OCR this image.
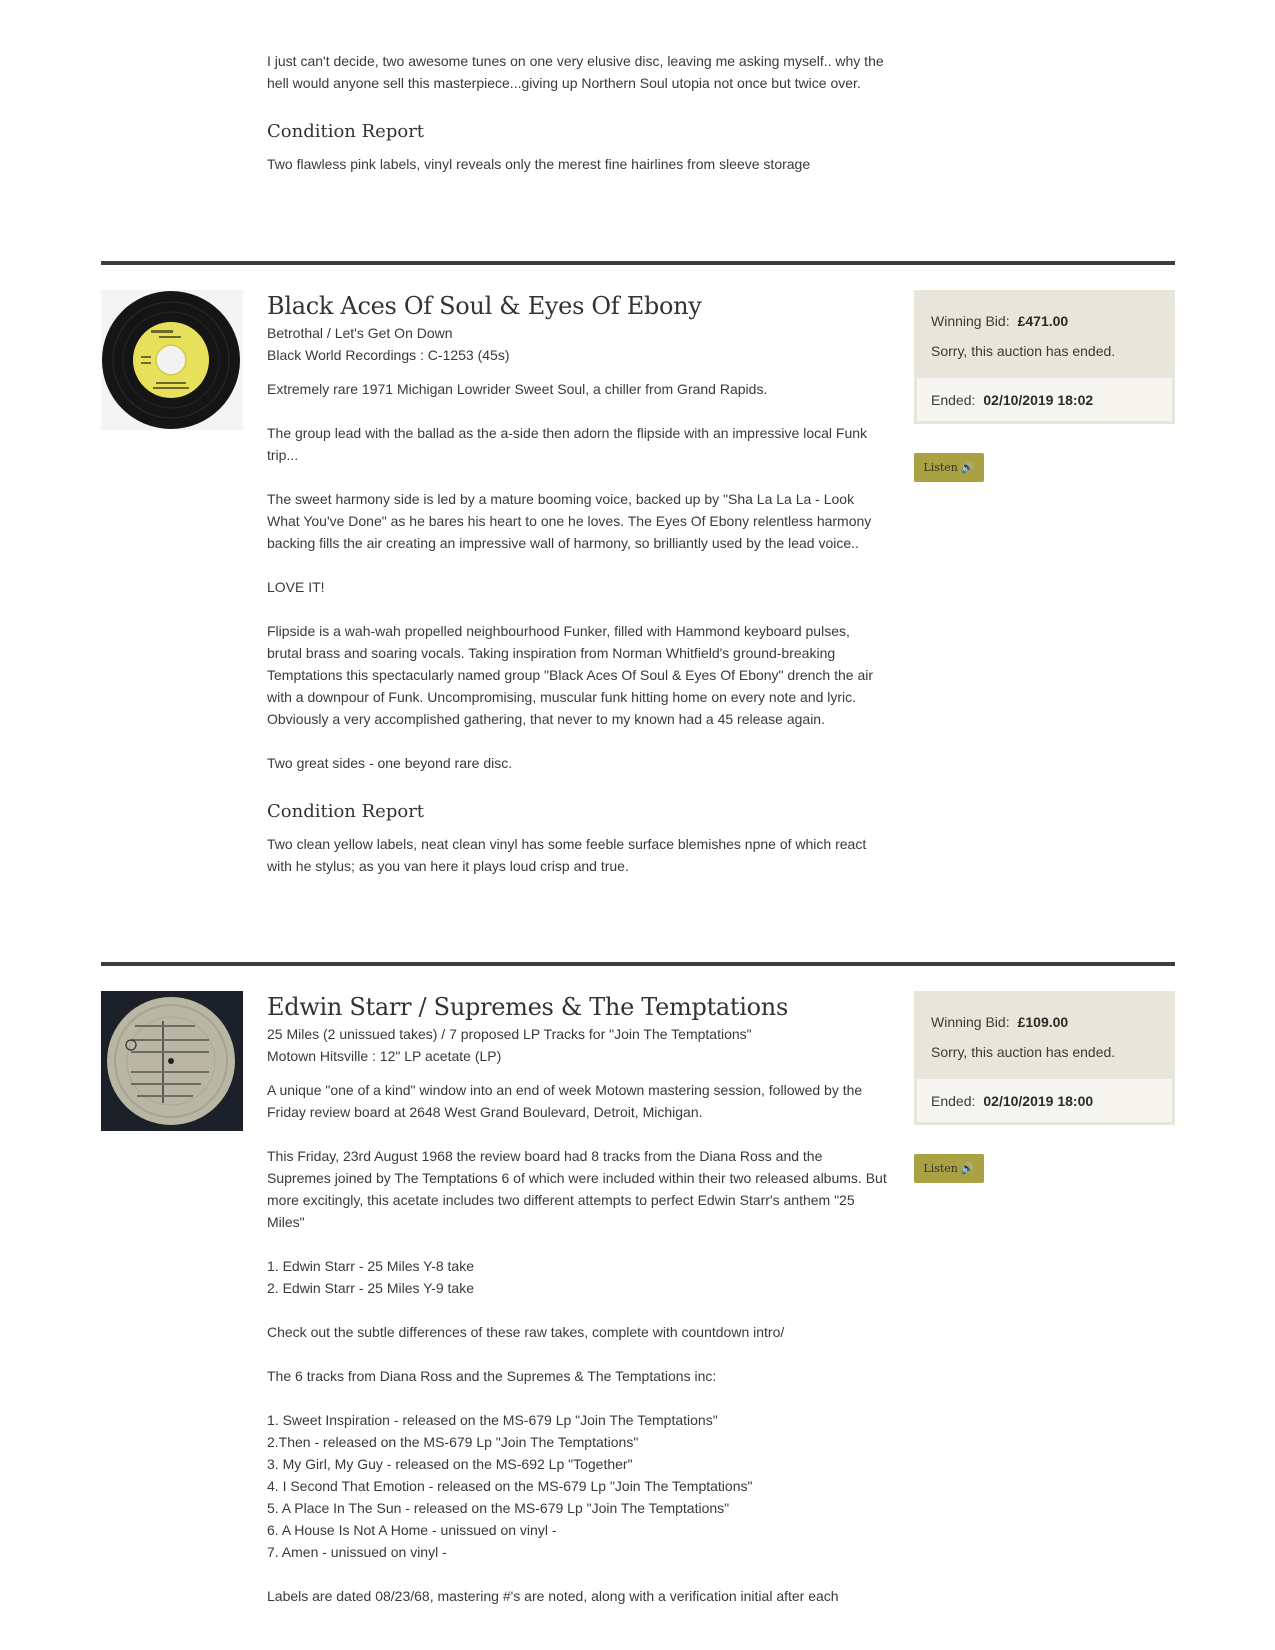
I just can't decide, two awesome tunes on one very elusive disc, leaving me asking myself.. why the hell would anyone sell this masterpiece...giving up Northern Soul utopia not once but twice over.

Condition Report

Two flawless pink labels, vinyl reveals only the merest fine hairlines from sleeve storage

Black Aces Of Soul & Eyes Of Ebony
Betrothal / Let's Get On Down
Black World Recordings : C-1253 (45s)

Extremely rare 1971 Michigan Lowrider Sweet Soul, a chiller from Grand Rapids.

The group lead with the ballad as the a-side then adorn the flipside with an impressive local Funk trip...

The sweet harmony side is led by a mature booming voice, backed up by "Sha La La La - Look What You've Done" as he bares his heart to one he loves. The Eyes Of Ebony relentless harmony backing fills the air creating an impressive wall of harmony, so brilliantly used by the lead voice..

LOVE IT!

Flipside is a wah-wah propelled neighbourhood Funker, filled with Hammond keyboard pulses, brutal brass and soaring vocals. Taking inspiration from Norman Whitfield's ground-breaking Temptations this spectacularly named group "Black Aces Of Soul & Eyes Of Ebony" drench the air with a downpour of Funk. Uncompromising, muscular funk hitting home on every note and lyric. Obviously a very accomplished gathering, that never to my known had a 45 release again.

Two great sides - one beyond rare disc.

Condition Report

Two clean yellow labels, neat clean vinyl has some feeble surface blemishes npne of which react with he stylus; as you van here it plays loud crisp and true.

Winning Bid: £471.00
Sorry, this auction has ended.
Ended: 02/10/2019 18:02
Listen 🔊
Edwin Starr / Supremes & The Temptations
25 Miles (2 unissued takes) / 7 proposed LP Tracks for "Join The Temptations"
Motown Hitsville : 12" LP acetate (LP)

A unique "one of a kind" window into an end of week Motown mastering session, followed by the Friday review board at 2648 West Grand Boulevard, Detroit, Michigan.

This Friday, 23rd August 1968 the review board had 8 tracks from the Diana Ross and the Supremes joined by The Temptations 6 of which were included within their two released albums. But more excitingly, this acetate includes two different attempts to perfect Edwin Starr's anthem "25 Miles"

1. Edwin Starr - 25 Miles Y-8 take

2. Edwin Starr - 25 Miles Y-9 take

Check out the subtle differences of these raw takes, complete with countdown intro/

The 6 tracks from Diana Ross and the Supremes & The Temptations inc:

1. Sweet Inspiration - released on the MS-679 Lp "Join The Temptations"

2.Then - released on the MS-679 Lp "Join The Temptations"

3. My Girl, My Guy - released on the MS-692 Lp "Together"

4. I Second That Emotion - released on the MS-679 Lp "Join The Temptations"

5. A Place In The Sun - released on the MS-679 Lp "Join The Temptations"

6. A House Is Not A Home - unissued on vinyl -

7. Amen - unissued on vinyl -

Labels are dated 08/23/68, mastering #'s are noted, along with a verification initial after each

Winning Bid: £109.00
Sorry, this auction has ended.
Ended: 02/10/2019 18:00
Listen 🔊
